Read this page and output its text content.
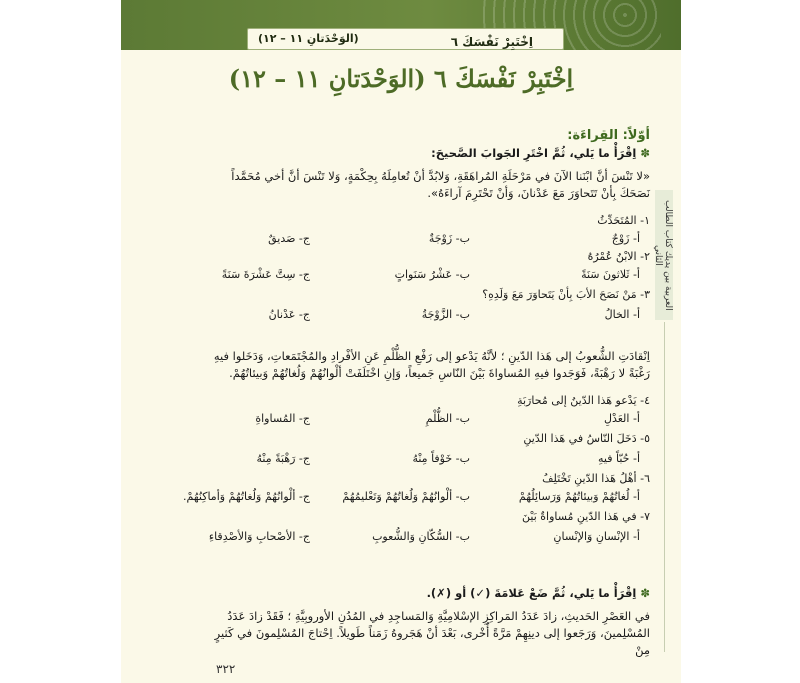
اِخْتَبِرْ نَفْسَكَ ٦
(الوَحْدَتانِ ١١ – ١٢)
اِخْتَبِرْ نَفْسَكَ ٦ (الوَحْدَتانِ ١١ – ١٢)
العربية بين يديك كتاب الطالب الثاني
أوّلاً: القِراءَة:
✽ اِقْرَأْ ما يَلي، ثُمَّ اخْتَرِ الجَوابَ الصَّحيحَ:
«لا تَنْسَ أنَّ ابْنَنا الآنَ في مَرْحَلَةِ المُراهَقَةِ، وَلابُدَّ أنْ تُعامِلَهُ بِحِكْمَةٍ، وَلا تَنْسَ أنَّ أخي مُحَمَّداً نَصَحَكَ بِأنْ تَتَحاوَرَ مَعَ عَدْنانَ، وَأنْ تَحْتَرِمَ آراءَهُ».
١- المُتَحَدِّثُ
أ- زَوْجٌ
ب- زَوْجَةٌ
ج- صَديقٌ
٢- الابْنُ عُمْرُهُ
أ- ثَلاثونَ سَنَةً
ب- عَشْرُ سَنَواتٍ
ج- سِتَّ عَشْرَةَ سَنَةً
٣- مَنْ نَصَحَ الأبَ بِأنْ يَتَحاوَرَ مَعَ وَلَدِهِ؟
أ- الخالُ
ب- الزَّوْجَةُ
ج- عَدْنانُ
اِنْقادَتِ الشُّعوبُ إلى هَذا الدّينِ ؛ لأنَّهُ يَدْعو إلى رَفْعِ الظُّلْمِ عَنِ الأفْرادِ والمُجْتَمَعاتِ، وَدَخَلوا فيهِ رَغْبَةً لا رَهْبَةً، فَوَجَدوا فيهِ المُساواةَ بَيْنَ النّاسِ جَميعاً، وَإنِ اخْتَلَفَتْ ألْوانُهُمْ وَلُغاتُهُمْ وَبيئاتُهُمْ.
٤- يَدْعو هَذا الدّينُ إلى مُحارَبَةِ
أ- العَدْلِ
ب- الظُّلْمِ
ج- المُساواةِ
٥- دَخَلَ النّاسُ في هَذا الدّينِ
أ- حُبّاً فيهِ
ب- خَوْفاً مِنْهُ
ج- رَهْبَةً مِنْهُ
٦- أهْلُ هَذا الدّينِ تَخْتَلِفُ
أ- لُغاتُهُمْ وَبيئاتُهُمْ وَرَسائِلُهُمْ
ب- ألْوانُهُمْ وَلُغاتُهُمْ وَتَعْليمُهُمْ
ج- ألْوانُهُمْ وَلُغاتُهُمْ وَأماكِنُهُمْ.
٧- في هَذا الدّينِ مُساواةٌ بَيْنَ
أ- الإنْسانِ وَالإنْسانِ
ب- السُّكّانِ وَالشُّعوبِ
ج- الأصْحابِ وَالأصْدِقاءِ
✽ اِقْرَأْ ما يَلي، ثُمَّ ضَعْ عَلامَةَ (✓) أو (✗).
في العَصْرِ الحَديثِ، زادَ عَدَدُ المَراكِزِ الإسْلامِيَّةِ وَالمَساجِدِ في المُدُنِ الأوروبِيَّةِ ؛ فَقَدْ زادَ عَدَدُ المُسْلِمينَ، وَرَجَعوا إلى دينِهِمْ مَرَّةً أُخْرى، بَعْدَ أنْ هَجَروهُ زَمَناً طَويلاً. اِحْتاجَ المُسْلِمونَ في كَثيرٍ مِنْ
٣٢٢
